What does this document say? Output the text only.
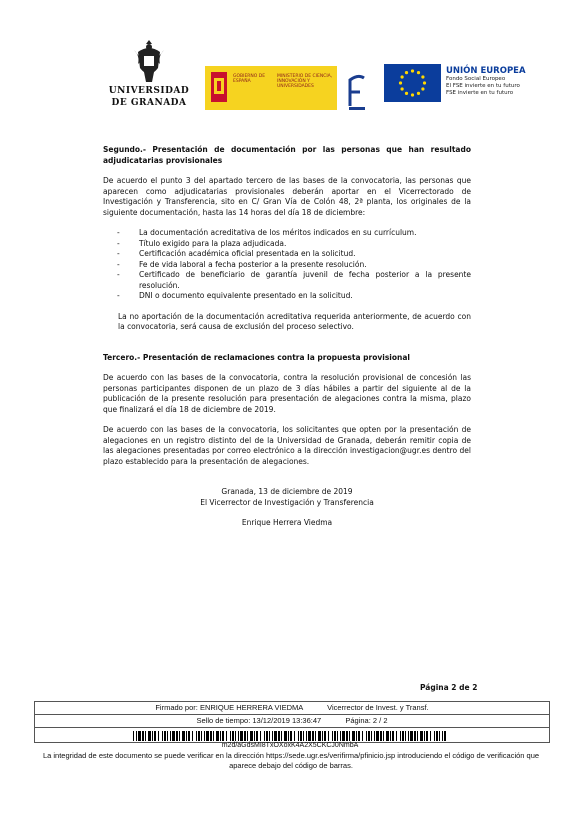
UNIVERSIDAD
DE GRANADA
GOBIERNO DE ESPAÑA
MINISTERIO DE CIENCIA, INNOVACIÓN Y UNIVERSIDADES
UNIÓN EUROPEA
Fondo Social Europeo
El FSE invierte en tu futuro
FSE invierte en tu futuro

Segundo.- Presentación de documentación por las personas que han resultado adjudicatarias provisionales

De acuerdo el punto 3 del apartado tercero de las bases de la convocatoria, las personas que aparecen como adjudicatarias provisionales deberán aportar en el Vicerrectorado de Investigación y Transferencia, sito en C/ Gran Vía de Colón 48, 2ª planta, los originales de la siguiente documentación, hasta las 14 horas del día 18 de diciembre:

-	La documentación acreditativa de los méritos indicados en su currículum.
-	Título exigido para la plaza adjudicada.
-	Certificación académica oficial presentada en la solicitud.
-	Fe de vida laboral a fecha posterior a la presente resolución.
-	Certificado de beneficiario de garantía juvenil de fecha posterior a la presente resolución.
-	DNI o documento equivalente presentado en la solicitud.

La no aportación de la documentación acreditativa requerida anteriormente, de acuerdo con la convocatoria, será causa de exclusión del proceso selectivo.

Tercero.- Presentación de reclamaciones contra la propuesta provisional

De acuerdo con las bases de la convocatoria, contra la resolución provisional de concesión las personas participantes disponen de un plazo de 3 días hábiles a partir del siguiente al de la publicación de la presente resolución para presentación de alegaciones contra la misma, plazo que finalizará el día 18 de diciembre de 2019.

De acuerdo con las bases de la convocatoria, los solicitantes que opten por la presentación de alegaciones en un registro distinto del de la Universidad de Granada, deberán remitir copia de las alegaciones presentadas por correo electrónico a la dirección investigacion@ugr.es dentro del plazo establecido para la presentación de alegaciones.

Granada, 13 de diciembre de 2019

El Vicerrector de Investigación y Transferencia

Enrique Herrera Viedma

Página 2 de 2
Firmado por: ENRIQUE HERRERA VIEDMA	Vicerrector de Invest. y Transf.
Sello de tiempo: 13/12/2019 13:36:47	Página: 2 / 2
m2d/aGdsMI8TxOXoxK4A2X5CKCJ0NmbA
La integridad de este documento se puede verificar en la dirección https://sede.ugr.es/verifirma/pfinicio.jsp introduciendo el código de verificación que aparece debajo del código de barras.
